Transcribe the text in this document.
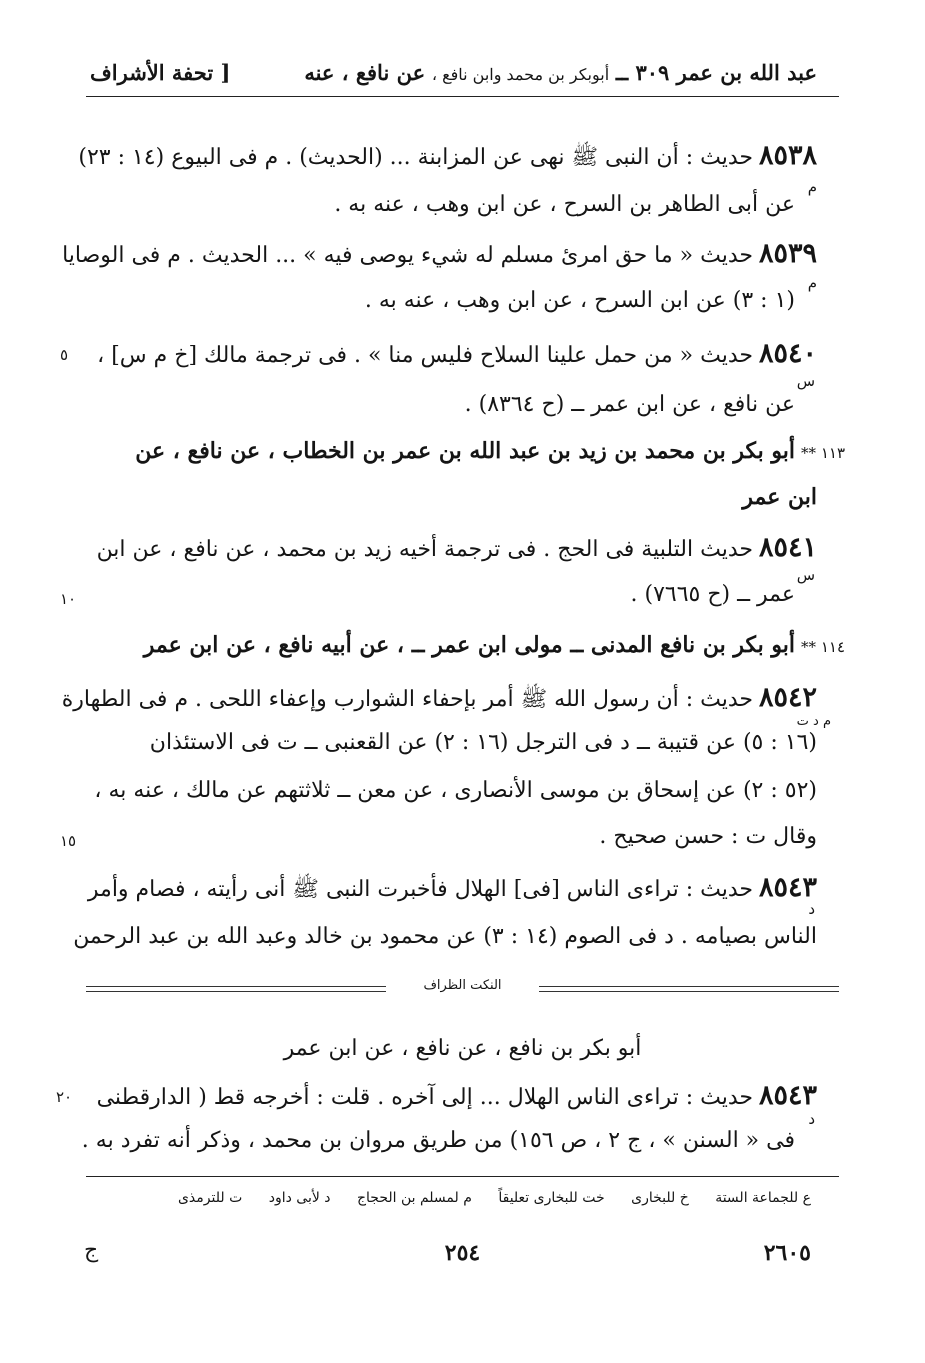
عبد الله بن عمر ٣٠٩ ــ أبوبكر بن محمد وابن نافع ، عن نافع ، عنه
[ تحفة الأشراف
٨٥٣٨حديث : أن النبى ﷺ نهى عن المزابنة ... (الحديث) . م فى البيوع (١٤ : ٢٣)
م
عن أبى الطاهر بن السرح ، عن ابن وهب ، عنه به .
٨٥٣٩حديث « ما حق امرئ مسلم له شيء يوصى فيه » ... الحديث . م فى الوصايا
م
(١ : ٣) عن ابن السرح ، عن ابن وهب ، عنه به .
٨٥٤٠حديث « من حمل علينا السلاح فليس منا » . فى ترجمة مالك [خ م س] ،
س
عن نافع ، عن ابن عمر ــ (ح ٨٣٦٤) .
٥
١١٣ **أبو بكر بن محمد بن زيد بن عبد الله بن عمر بن الخطاب ، عن نافع ، عن
ابن عمر
٨٥٤١حديث التلبية فى الحج . فى ترجمة أخيه زيد بن محمد ، عن نافع ، عن ابن
س
عمر ــ (ح ٧٦٦٥) .
١٠
١١٤ **أبو بكر بن نافع المدنى ــ مولى ابن عمر ــ ، عن أبيه نافع ، عن ابن عمر
٨٥٤٢حديث : أن رسول الله ﷺ أمر بإحفاء الشوارب وإعفاء اللحى . م فى الطهارة
م د ت
(١٦ : ٥) عن قتيبة ــ د فى الترجل (١٦ : ٢) عن القعنبى ــ ت فى الاستئذان
(٥٢ : ٢) عن إسحاق بن موسى الأنصارى ، عن معن ــ ثلاثتهم عن مالك ، عنه به ،
وقال ت : حسن صحيح .
١٥
٨٥٤٣حديث : تراءى الناس [فى] الهلال فأخبرت النبى ﷺ أنى رأيته ، فصام وأمر
د
الناس بصيامه . د فى الصوم (١٤ : ٣) عن محمود بن خالد وعبد الله بن عبد الرحمن
النكت الظراف
أبو بكر بن نافع ، عن نافع ، عن ابن عمر
٨٥٤٣حديث : تراءى الناس الهلال ... إلى آخره . قلت : أخرجه قط ( الدارقطنى
د
فى « السنن » ، ج ٢ ، ص ١٥٦) من طريق مروان بن محمد ، وذكر أنه تفرد به .
٢٠
ع للجماعة الستة خ للبخارى خت للبخارى تعليقاً م لمسلم بن الحجاج د لأبى داود ت للترمذى
٢٦٠٥
٢٥٤
ج
